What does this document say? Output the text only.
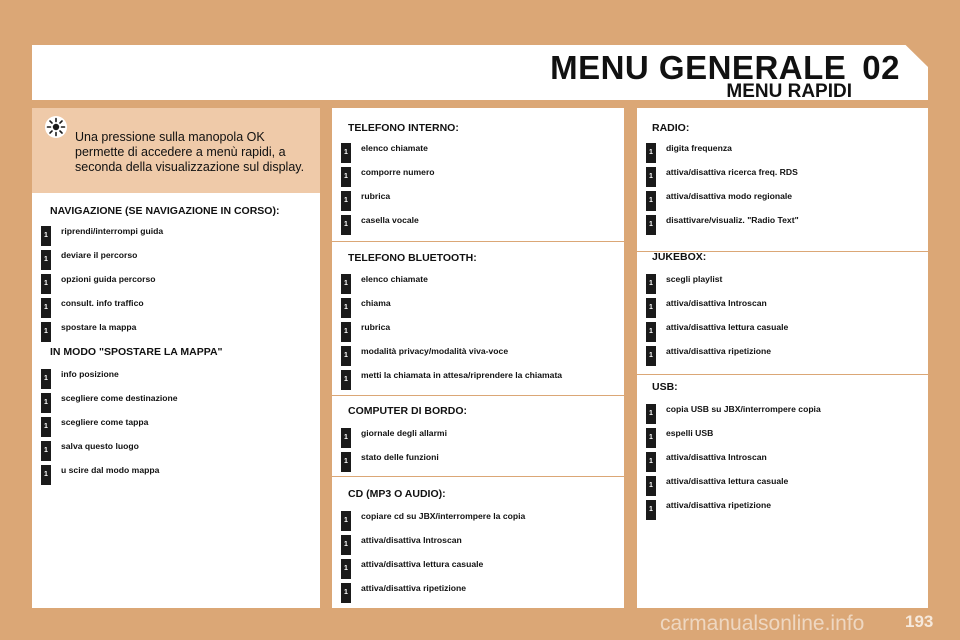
MENU GENERALE 02
MENU RAPIDI
Una pressione sulla manopola OK permette di accedere a menù rapidi, a seconda della visualizzazione sul display.
NAVIGAZIONE (SE NAVIGAZIONE IN CORSO):
IN MODO "SPOSTARE LA MAPPA"
TELEFONO INTERNO:
TELEFONO BLUETOOTH:
COMPUTER DI BORDO:
CD (MP3 O AUDIO):
RADIO:
JUKEBOX:
USB:
1	riprendi/interrompi guida
1	deviare il percorso
1	opzioni guida percorso
1	consult. info traffico
1	spostare la mappa
1	info posizione
1	scegliere come destinazione
1	scegliere come tappa
1	salva questo luogo
1	u scire dal modo mappa
1	elenco chiamate
1	comporre numero
1	rubrica
1	casella vocale
1	elenco chiamate
1	chiama
1	rubrica
1	modalità privacy/modalità viva-voce
1	metti la chiamata in attesa/riprendere la chiamata
1	giornale degli allarmi
1	stato delle funzioni
1	copiare cd su JBX/interrompere la copia
1	attiva/disattiva Introscan
1	attiva/disattiva lettura casuale
1	attiva/disattiva ripetizione
1	digita frequenza
1	attiva/disattiva ricerca freq. RDS
1	attiva/disattiva modo regionale
1	disattivare/visualiz. "Radio Text"
1	scegli playlist
1	attiva/disattiva Introscan
1	attiva/disattiva lettura casuale
1	attiva/disattiva ripetizione
1	copia USB su JBX/interrompere copia
1	espelli USB
1	attiva/disattiva Introscan
1	attiva/disattiva lettura casuale
1	attiva/disattiva ripetizione
193
carmanualsonline.info
